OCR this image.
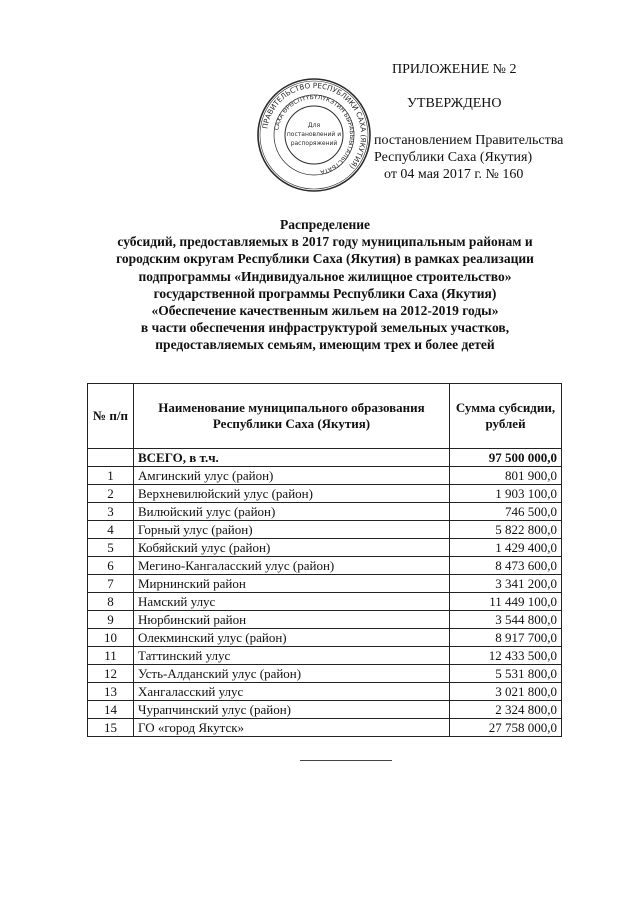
ПРИЛОЖЕНИЕ № 2
УТВЕРЖДЕНО
постановлением Правительства
Республики Саха (Якутия)
от 04 мая 2017 г. № 160
ПРАВИТЕЛЬСТВО РЕСПУБЛИКИ САХА (ЯКУТИЯ)
САХА ӨРӨСПҮҮБҮЛҮКЭТИН БЫРАБЫЫТАЛЬСТБАТА
Для
постановлений и
распоряжений
Распределение
субсидий, предоставляемых в 2017 году муниципальным районам и
городским округам Республики Саха (Якутия) в рамках реализации
подпрограммы «Индивидуальное жилищное строительство»
государственной программы Республики Саха (Якутия)
«Обеспечение качественным жильем на 2012-2019 годы»
в части обеспечения инфраструктурой земельных участков,
предоставляемых семьям, имеющим трех и более детей
№ п/п	Наименование муниципального образования Республики Саха (Якутия)	Сумма субсидии, рублей
	ВСЕГО, в т.ч.	97 500 000,0
1	Амгинский улус (район)	801 900,0
2	Верхневилюйский улус (район)	1 903 100,0
3	Вилюйский улус (район)	746 500,0
4	Горный улус (район)	5 822 800,0
5	Кобяйский улус (район)	1 429 400,0
6	Мегино-Кангаласский улус (район)	8 473 600,0
7	Мирнинский район	3 341 200,0
8	Намский улус	11 449 100,0
9	Нюрбинский район	3 544 800,0
10	Олекминский улус (район)	8 917 700,0
11	Таттинский улус	12 433 500,0
12	Усть-Алданский улус (район)	5 531 800,0
13	Хангаласский улус	3 021 800,0
14	Чурапчинский улус (район)	2 324 800,0
15	ГО «город Якутск»	27 758 000,0
